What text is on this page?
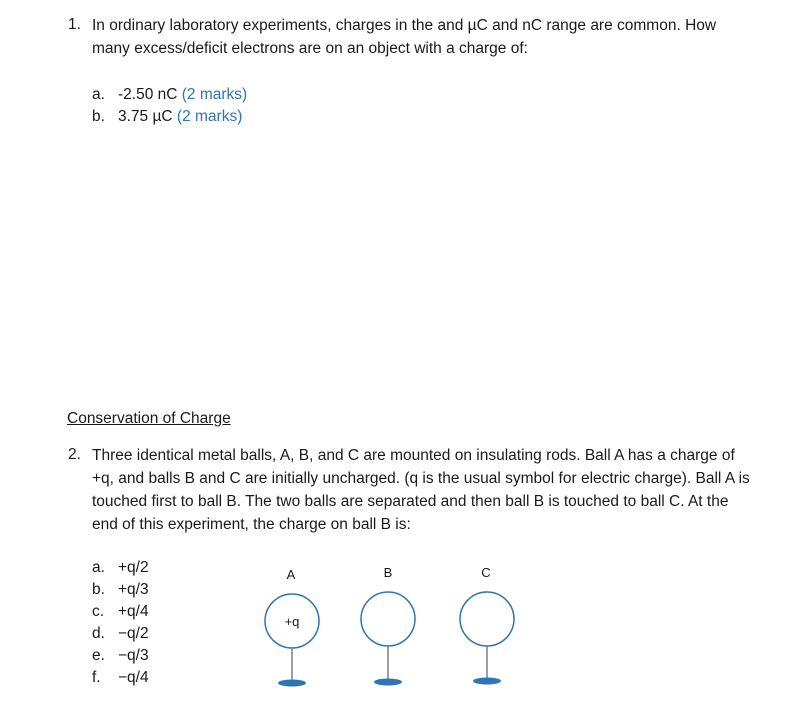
1. In ordinary laboratory experiments, charges in the and µC and nC range are common. How
many excess/deficit electrons are on an object with a charge of:
a. -2.50 nC (2 marks)
b. 3.75 µC (2 marks)
Conservation of Charge
2. Three identical metal balls, A, B, and C are mounted on insulating rods. Ball A has a charge of
+q, and balls B and C are initially uncharged. (q is the usual symbol for electric charge). Ball A is
touched first to ball B. The two balls are separated and then ball B is touched to ball C. At the
end of this experiment, the charge on ball B is:
a. +q/2
b. +q/3
c. +q/4
d. −q/2
e. −q/3
f. −q/4
A
+q
B	C
